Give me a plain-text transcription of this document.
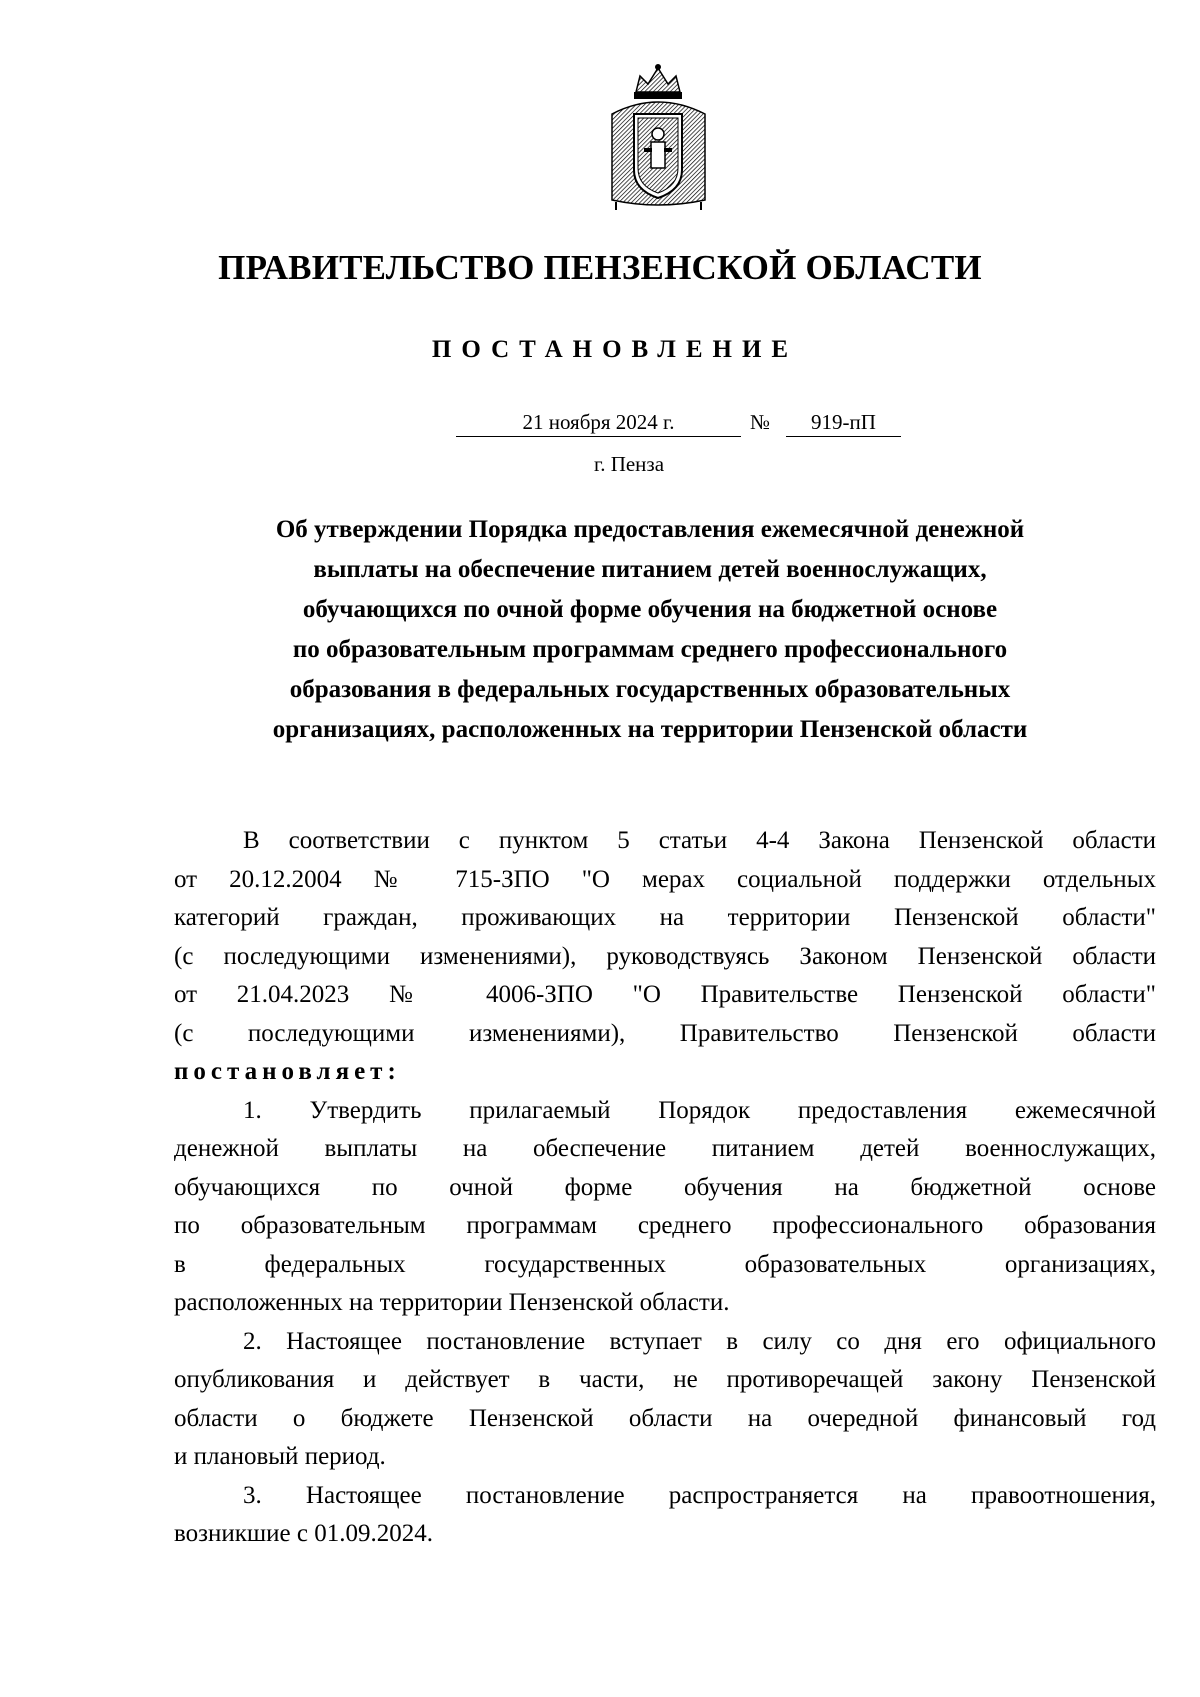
ПРАВИТЕЛЬСТВО ПЕНЗЕНСКОЙ ОБЛАСТИ
ПОСТАНОВЛЕНИЕ
21 ноября 2024 г.	№	919-пП
г. Пенза
Об утверждении Порядка предоставления ежемесячной денежной
выплаты на обеспечение питанием детей военнослужащих,
обучающихся по очной форме обучения на бюджетной основе
по образовательным программам среднего профессионального
образования в федеральных государственных образовательных
организациях, расположенных на территории Пензенской области
В соответствии с пунктом 5 статьи 4-4 Закона Пензенской области
от 20.12.2004 № 715-ЗПО "О мерах социальной поддержки отдельных
категорий граждан, проживающих на территории Пензенской области"
(с последующими изменениями), руководствуясь Законом Пензенской области
от 21.04.2023 № 4006-ЗПО "О Правительстве Пензенской области"
(с последующими изменениями), Правительство Пензенской области
постановляет:
1. Утвердить прилагаемый Порядок предоставления ежемесячной
денежной выплаты на обеспечение питанием детей военнослужащих,
обучающихся по очной форме обучения на бюджетной основе
по образовательным программам среднего профессионального образования
в федеральных государственных образовательных организациях,
расположенных на территории Пензенской области.
2. Настоящее постановление вступает в силу со дня его официального
опубликования и действует в части, не противоречащей закону Пензенской
области о бюджете Пензенской области на очередной финансовый год
и плановый период.
3. Настоящее постановление распространяется на правоотношения,
возникшие с 01.09.2024.
